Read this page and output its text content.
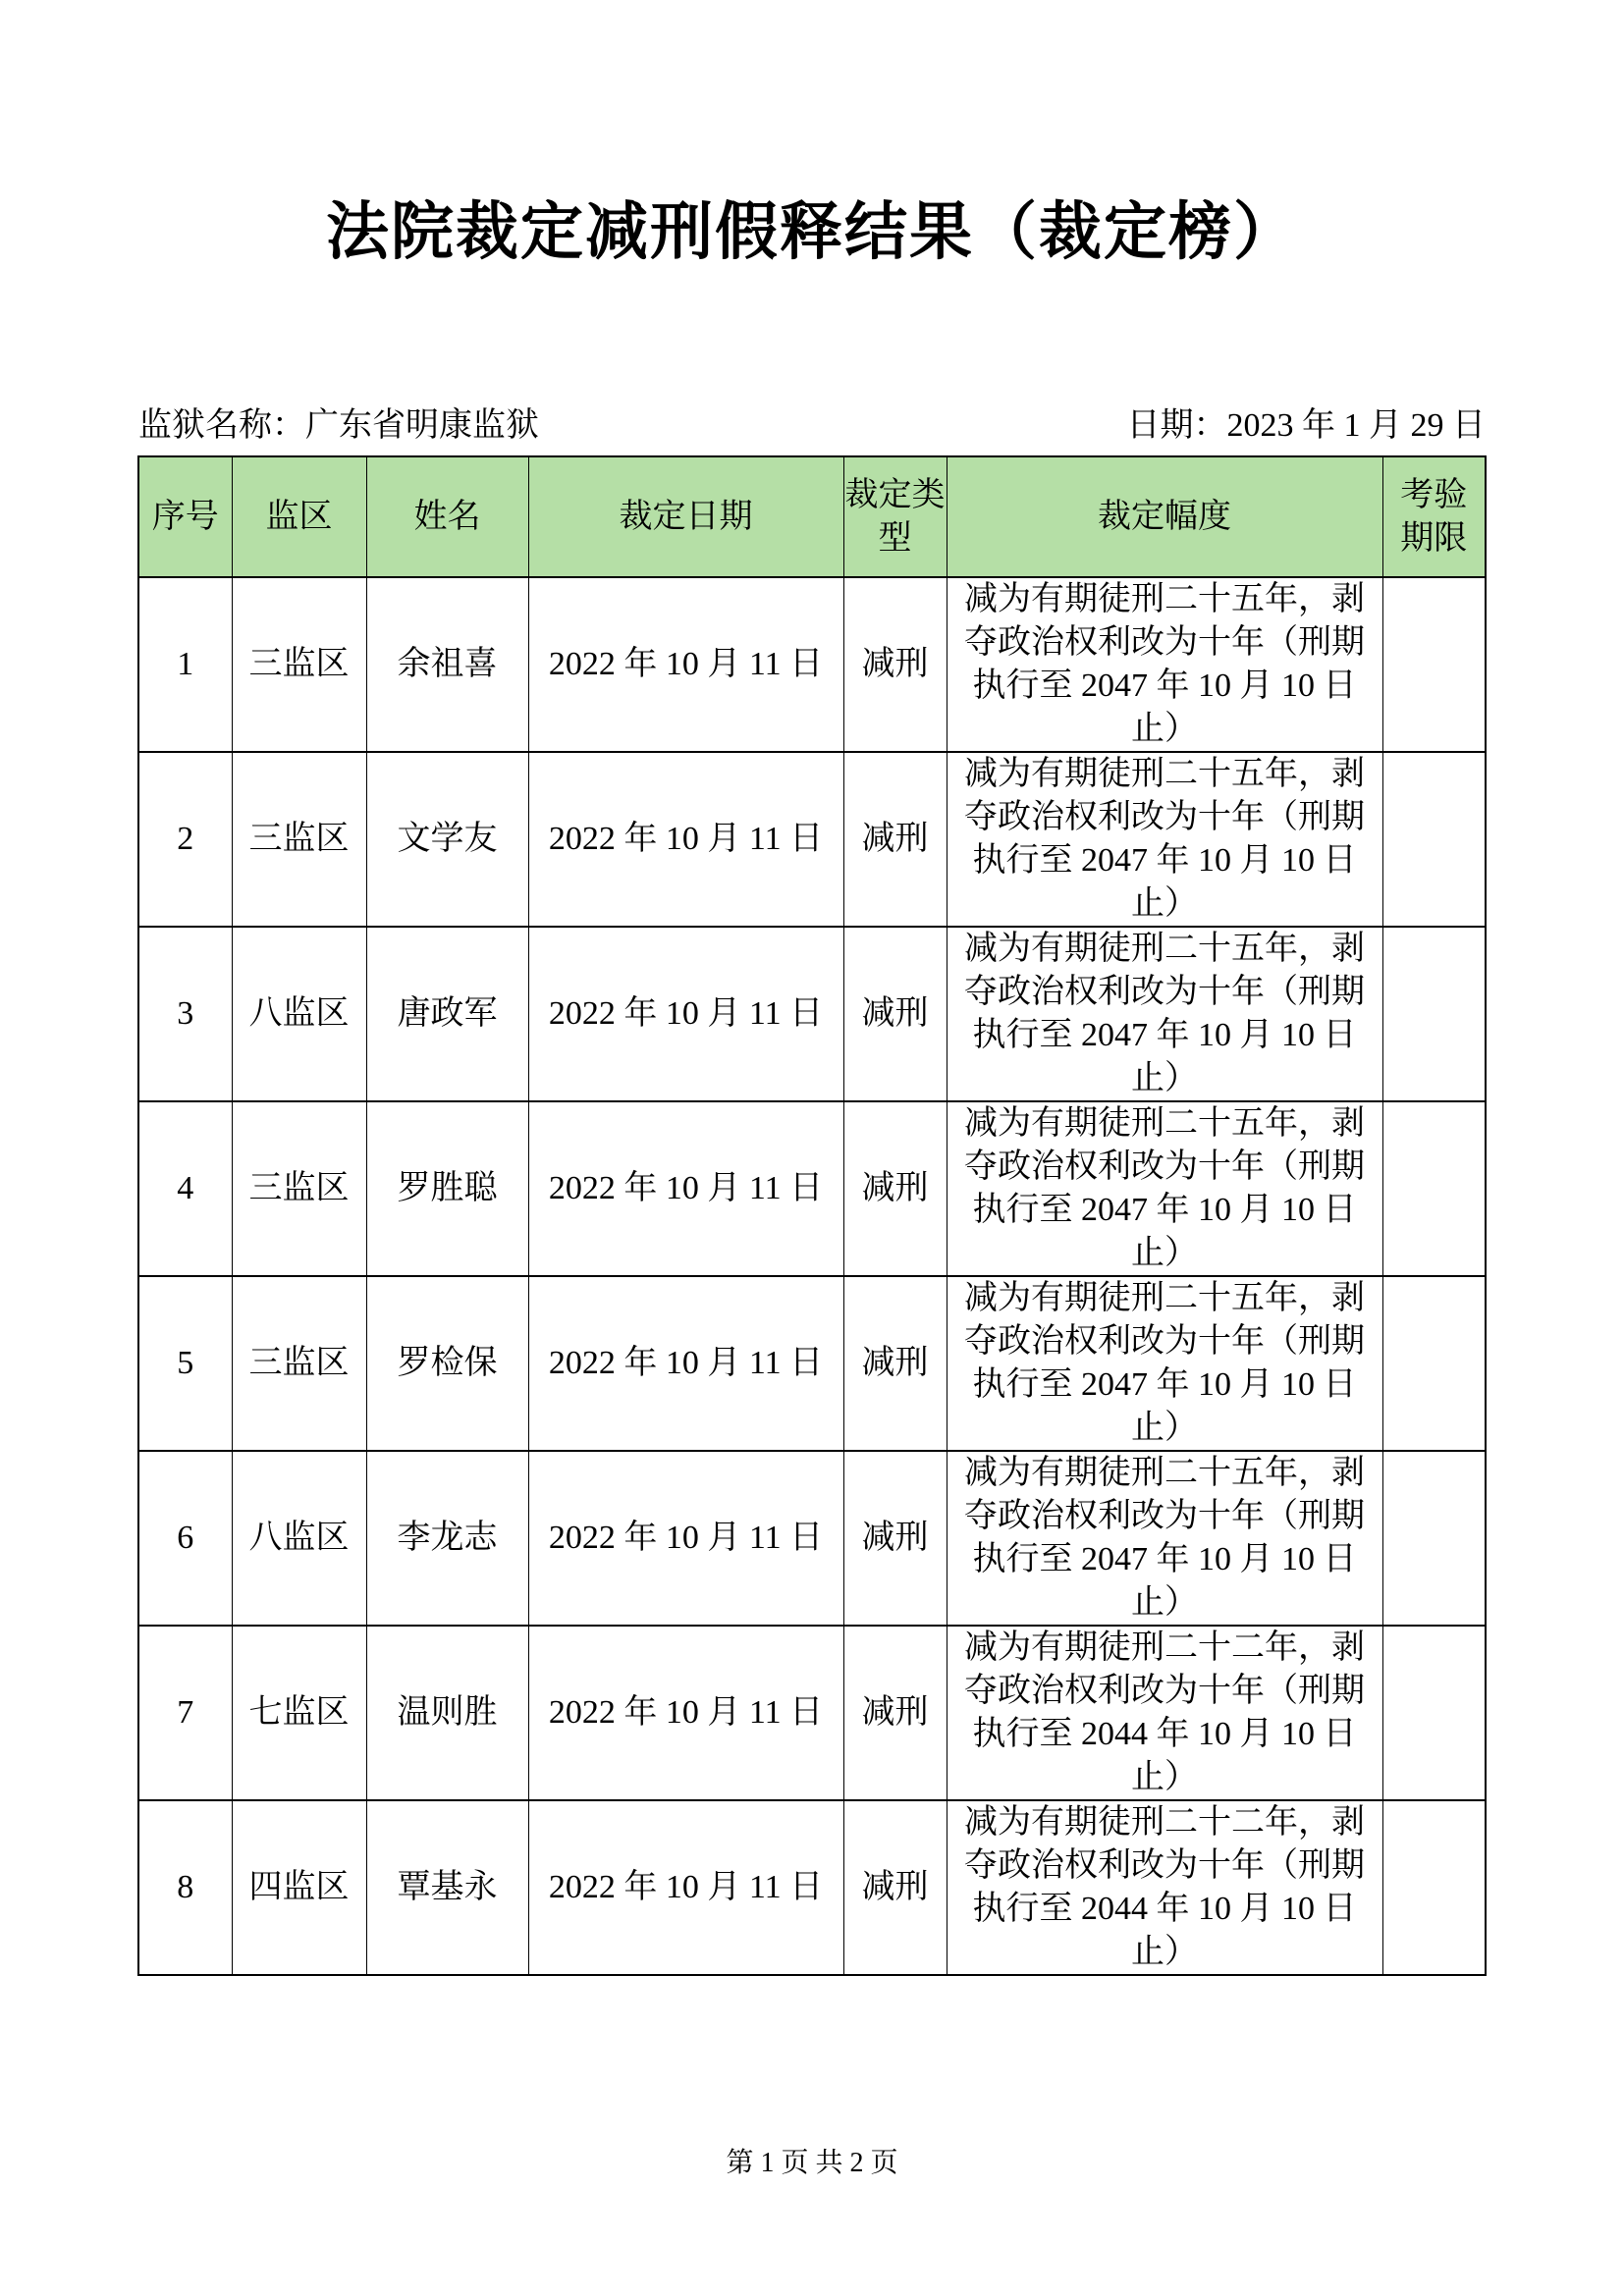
法院裁定减刑假释结果（裁定榜）
监狱名称：广东省明康监狱	日期：2023 年 1 月 29 日
序号	监区	姓名	裁定日期	裁定类型	裁定幅度	考验期限
1	三监区	余祖喜	2022 年 10 月 11 日	减刑	减为有期徒刑二十五年，剥夺政治权利改为十年（刑期执行至 2047 年 10 月 10 日止）	
2	三监区	文学友	2022 年 10 月 11 日	减刑	减为有期徒刑二十五年，剥夺政治权利改为十年（刑期执行至 2047 年 10 月 10 日止）	
3	八监区	唐政军	2022 年 10 月 11 日	减刑	减为有期徒刑二十五年，剥夺政治权利改为十年（刑期执行至 2047 年 10 月 10 日止）	
4	三监区	罗胜聪	2022 年 10 月 11 日	减刑	减为有期徒刑二十五年，剥夺政治权利改为十年（刑期执行至 2047 年 10 月 10 日止）	
5	三监区	罗检保	2022 年 10 月 11 日	减刑	减为有期徒刑二十五年，剥夺政治权利改为十年（刑期执行至 2047 年 10 月 10 日止）	
6	八监区	李龙志	2022 年 10 月 11 日	减刑	减为有期徒刑二十五年，剥夺政治权利改为十年（刑期执行至 2047 年 10 月 10 日止）	
7	七监区	温则胜	2022 年 10 月 11 日	减刑	减为有期徒刑二十二年，剥夺政治权利改为十年（刑期执行至 2044 年 10 月 10 日止）	
8	四监区	覃基永	2022 年 10 月 11 日	减刑	减为有期徒刑二十二年，剥夺政治权利改为十年（刑期执行至 2044 年 10 月 10 日止）	
第 1 页 共 2 页
